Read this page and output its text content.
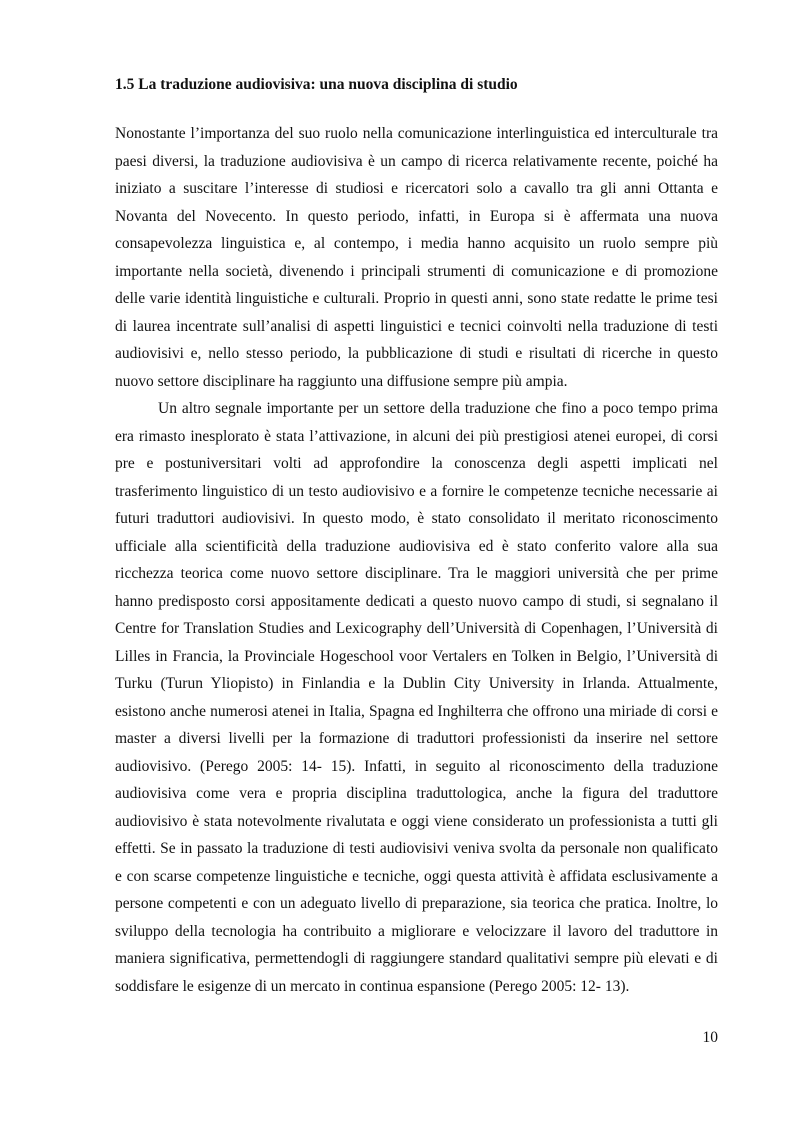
1.5 La traduzione audiovisiva: una nuova disciplina di studio

Nonostante l’importanza del suo ruolo nella comunicazione interlinguistica ed interculturale tra paesi diversi, la traduzione audiovisiva è un campo di ricerca relativamente recente, poiché ha iniziato a suscitare l’interesse di studiosi e ricercatori solo a cavallo tra gli anni Ottanta e Novanta del Novecento. In questo periodo, infatti, in Europa si è affermata una nuova consapevolezza linguistica e, al contempo, i media hanno acquisito un ruolo sempre più importante nella società, divenendo i principali strumenti di comunicazione e di promozione delle varie identità linguistiche e culturali. Proprio in questi anni, sono state redatte le prime tesi di laurea incentrate sull’analisi di aspetti linguistici e tecnici coinvolti nella traduzione di testi audiovisivi e, nello stesso periodo, la pubblicazione di studi e risultati di ricerche in questo nuovo settore disciplinare ha raggiunto una diffusione sempre più ampia.

Un altro segnale importante per un settore della traduzione che fino a poco tempo prima era rimasto inesplorato è stata l’attivazione, in alcuni dei più prestigiosi atenei europei, di corsi pre e postuniversitari volti ad approfondire la conoscenza degli aspetti implicati nel trasferimento linguistico di un testo audiovisivo e a fornire le competenze tecniche necessarie ai futuri traduttori audiovisivi. In questo modo, è stato consolidato il meritato riconoscimento ufficiale alla scientificità della traduzione audiovisiva ed è stato conferito valore alla sua ricchezza teorica come nuovo settore disciplinare. Tra le maggiori università che per prime hanno predisposto corsi appositamente dedicati a questo nuovo campo di studi, si segnalano il Centre for Translation Studies and Lexicography dell’Università di Copenhagen, l’Università di Lilles in Francia, la Provinciale Hogeschool voor Vertalers en Tolken in Belgio, l’Università di Turku (Turun Yliopisto) in Finlandia e la Dublin City University in Irlanda. Attualmente, esistono anche numerosi atenei in Italia, Spagna ed Inghilterra che offrono una miriade di corsi e master a diversi livelli per la formazione di traduttori professionisti da inserire nel settore audiovisivo. (Perego 2005: 14- 15). Infatti, in seguito al riconoscimento della traduzione audiovisiva come vera e propria disciplina traduttologica, anche la figura del traduttore audiovisivo è stata notevolmente rivalutata e oggi viene considerato un professionista a tutti gli effetti. Se in passato la traduzione di testi audiovisivi veniva svolta da personale non qualificato e con scarse competenze linguistiche e tecniche, oggi questa attività è affidata esclusivamente a persone competenti e con un adeguato livello di preparazione, sia teorica che pratica. Inoltre, lo sviluppo della tecnologia ha contribuito a migliorare e velocizzare il lavoro del traduttore in maniera significativa, permettendogli di raggiungere standard qualitativi sempre più elevati e di soddisfare le esigenze di un mercato in continua espansione (Perego 2005: 12- 13).

10
